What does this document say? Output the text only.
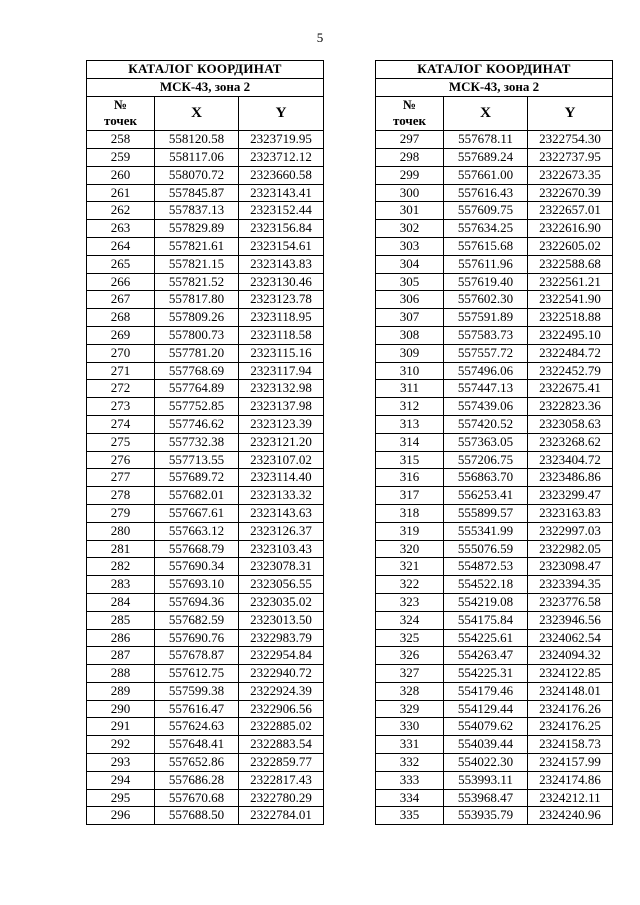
5
КАТАЛОГ КООРДИНАТ		
МСК-43, зона 2		
№
точек	X	Y
258	558120.58	2323719.95
259	558117.06	2323712.12
260	558070.72	2323660.58
261	557845.87	2323143.41
262	557837.13	2323152.44
263	557829.89	2323156.84
264	557821.61	2323154.61
265	557821.15	2323143.83
266	557821.52	2323130.46
267	557817.80	2323123.78
268	557809.26	2323118.95
269	557800.73	2323118.58
270	557781.20	2323115.16
271	557768.69	2323117.94
272	557764.89	2323132.98
273	557752.85	2323137.98
274	557746.62	2323123.39
275	557732.38	2323121.20
276	557713.55	2323107.02
277	557689.72	2323114.40
278	557682.01	2323133.32
279	557667.61	2323143.63
280	557663.12	2323126.37
281	557668.79	2323103.43
282	557690.34	2323078.31
283	557693.10	2323056.55
284	557694.36	2323035.02
285	557682.59	2323013.50
286	557690.76	2322983.79
287	557678.87	2322954.84
288	557612.75	2322940.72
289	557599.38	2322924.39
290	557616.47	2322906.56
291	557624.63	2322885.02
292	557648.41	2322883.54
293	557652.86	2322859.77
294	557686.28	2322817.43
295	557670.68	2322780.29
296	557688.50	2322784.01
КАТАЛОГ КООРДИНАТ		
МСК-43, зона 2		
№
точек	X	Y
297	557678.11	2322754.30
298	557689.24	2322737.95
299	557661.00	2322673.35
300	557616.43	2322670.39
301	557609.75	2322657.01
302	557634.25	2322616.90
303	557615.68	2322605.02
304	557611.96	2322588.68
305	557619.40	2322561.21
306	557602.30	2322541.90
307	557591.89	2322518.88
308	557583.73	2322495.10
309	557557.72	2322484.72
310	557496.06	2322452.79
311	557447.13	2322675.41
312	557439.06	2322823.36
313	557420.52	2323058.63
314	557363.05	2323268.62
315	557206.75	2323404.72
316	556863.70	2323486.86
317	556253.41	2323299.47
318	555899.57	2323163.83
319	555341.99	2322997.03
320	555076.59	2322982.05
321	554872.53	2323098.47
322	554522.18	2323394.35
323	554219.08	2323776.58
324	554175.84	2323946.56
325	554225.61	2324062.54
326	554263.47	2324094.32
327	554225.31	2324122.85
328	554179.46	2324148.01
329	554129.44	2324176.26
330	554079.62	2324176.25
331	554039.44	2324158.73
332	554022.30	2324157.99
333	553993.11	2324174.86
334	553968.47	2324212.11
335	553935.79	2324240.96
